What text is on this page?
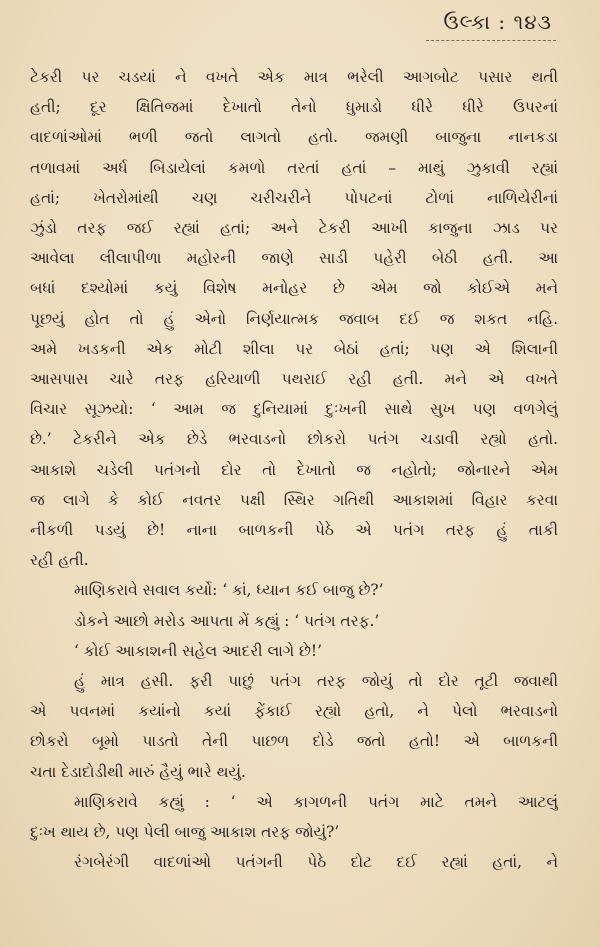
ઉલ્કા : ૧૪૩
ટેકરી પર ચડયાં ને વખતે એક માત્ર ભરેલી આગબોટ પસાર થતી
હતી; દૂર ક્ષિતિજમાં દેખાતો તેનો ધુમાડો ધીરે ધીરે ઉપરનાં
વાદળાંઓમાં ભળી જતો લાગતો હતો. જમણી બાજુના નાનકડા
તળાવમાં અર્ધ બિડાયેલાં કમળો તરતાં હતાં – માથું ઝુકાવી રહ્યાં
હતાં; ખેતરોમાંથી ચણ ચરીચરીને પોપટનાં ટોળાં નાળિયેરીનાં
ઝુંડો તરફ જઈ રહ્યાં હતાં; અને ટેકરી આખી કાજુના ઝાડ પર
આવેલા લીલાપીળા મહોરની જાણે સાડી પહેરી બેઠી હતી. આ
બધાં દશ્યોમાં કયું વિશેષ મનોહર છે એમ જો કોઈએ મને
પૂછયું હોત તો હું એનો નિર્ણયાત્મક જવાબ દઈ જ શકત નહિ.
અમે ખડકની એક મોટી શીલા પર બેઠાં હતાં; પણ એ શિલાની
આસપાસ ચારે તરફ હરિયાળી પથરાઈ રહી હતી. મને એ વખતે
વિચાર સૂઝયો: ‘ આમ જ દુનિયામાં દુઃખની સાથે સુખ પણ વળગેલું
છે.’ ટેકરીને એક છેડે ભરવાડનો છોકરો પતંગ ચડાવી રહ્યો હતો.
આકાશે ચડેલી પતંગનો દોર તો દેખાતો જ નહોતો; જોનારને એમ
જ લાગે કે કોઈ નવતર પક્ષી સ્થિર ગતિથી આકાશમાં વિહાર કરવા
નીકળી પડયું છે! નાના બાળકની પેઠે એ પતંગ તરફ હું તાકી
રહી હતી.
માણિકરાવે સવાલ કર્યો: ‘ કાં, ધ્યાન કઈ બાજુ છે?’
ડોકને આછો મરોડ આપતા મેં કહ્યું : ‘ પતંગ તરફ.’
‘ કોઈ આકાશની સહેલ આદરી લાગે છે!’
હું માત્ર હસી. ફરી પાછું પતંગ તરફ જોયું તો દોર તૂટી જવાથી
એ પવનમાં કયાંનો કયાં ફેંકાઈ રહ્યો હતો, ને પેલો ભરવાડનો
છોકરો બૂમો પાડતો તેની પાછળ દોડે જતો હતો! એ બાળકની
ચતા દેડાદોડીથી મારું હૈયું ભારે થયું.
માણિકરાવે કહ્યું : ‘ એ કાગળની પતંગ માટે તમને આટલું
દુઃખ થાય છે, પણ પેલી બાજુ આકાશ તરફ જોયું?’
રંગબેરંગી વાદળાંઓ પતંગની પેઠે દોટ દઈ રહ્યાં હતાં, ને
